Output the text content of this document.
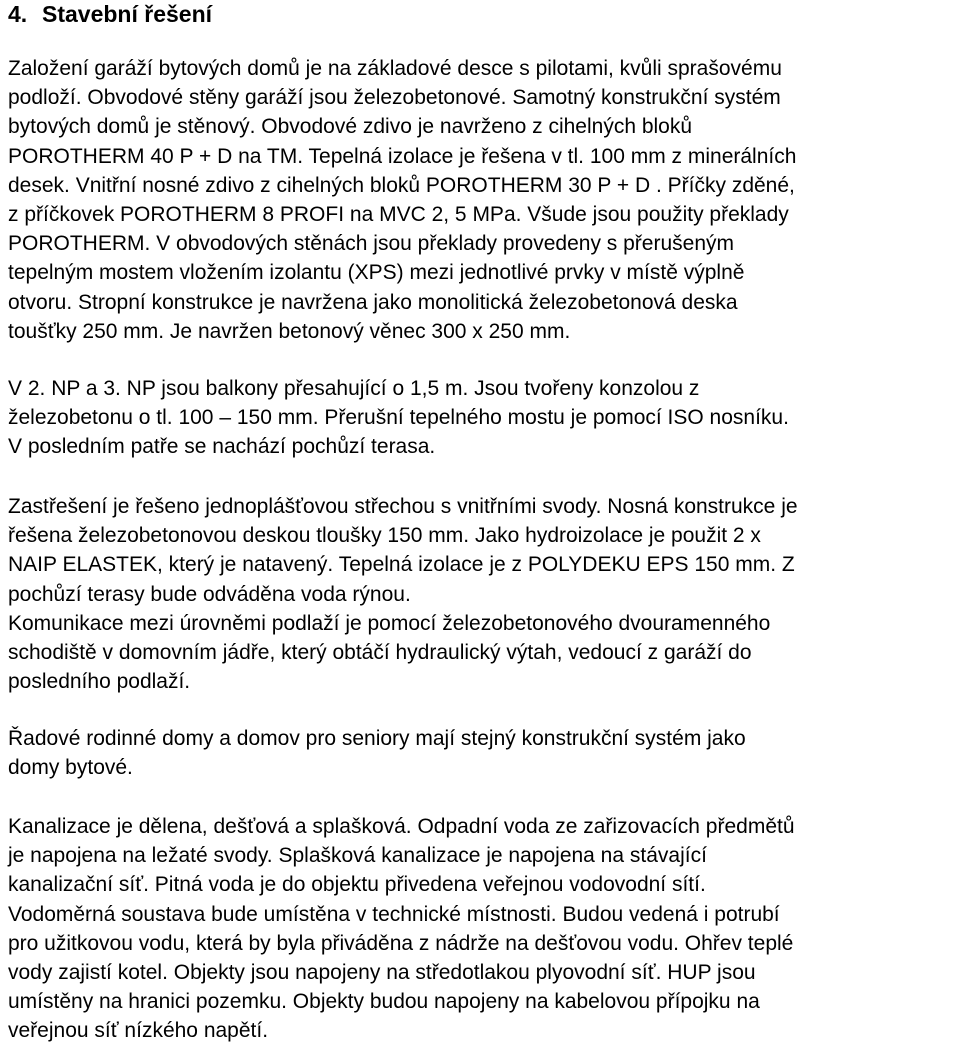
4. Stavební řešení
Založení garáží bytových domů je na základové desce s pilotami, kvůli sprašovému
podloží. Obvodové stěny garáží jsou železobetonové. Samotný konstrukční systém
bytových domů je stěnový. Obvodové zdivo je navrženo z cihelných bloků
POROTHERM 40 P + D na TM. Tepelná izolace je řešena v tl. 100 mm z minerálních
desek. Vnitřní nosné zdivo z cihelných bloků POROTHERM 30 P + D . Příčky zděné,
z příčkovek POROTHERM 8 PROFI na MVC 2, 5 MPa. Všude jsou použity překlady
POROTHERM. V obvodových stěnách jsou překlady provedeny s přerušeným
tepelným mostem vložením izolantu (XPS) mezi jednotlivé prvky v místě výplně
otvoru. Stropní konstrukce je navržena jako monolitická železobetonová deska
toušťky 250 mm. Je navržen betonový věnec 300 x 250 mm.
V 2. NP a 3. NP jsou balkony přesahující o 1,5 m. Jsou tvořeny konzolou z
železobetonu o tl. 100 – 150 mm. Přerušní tepelného mostu je pomocí ISO nosníku.
V posledním patře se nachází pochůzí terasa.
Zastřešení je řešeno jednoplášťovou střechou s vnitřními svody. Nosná konstrukce je
řešena železobetonovou deskou tloušky 150 mm. Jako hydroizolace je použit 2 x
NAIP ELASTEK, který je natavený. Tepelná izolace je z POLYDEKU EPS 150 mm. Z
pochůzí terasy bude odváděna voda rýnou.
Komunikace mezi úrovněmi podlaží je pomocí železobetonového dvouramenného
schodiště v domovním jádře, který obtáčí hydraulický výtah, vedoucí z garáží do
posledního podlaží.
Řadové rodinné domy a domov pro seniory mají stejný konstrukční systém jako
domy bytové.
Kanalizace je dělena, dešťová a splašková. Odpadní voda ze zařizovacích předmětů
je napojena na ležaté svody. Splašková kanalizace je napojena na stávající
kanalizační síť. Pitná voda je do objektu přivedena veřejnou vodovodní sítí.
Vodoměrná soustava bude umístěna v technické místnosti. Budou vedená i potrubí
pro užitkovou vodu, která by byla přiváděna z nádrže na dešťovou vodu. Ohřev teplé
vody zajistí kotel. Objekty jsou napojeny na středotlakou plyovodní síť. HUP jsou
umístěny na hranici pozemku. Objekty budou napojeny na kabelovou přípojku na
veřejnou síť nízkého napětí.
